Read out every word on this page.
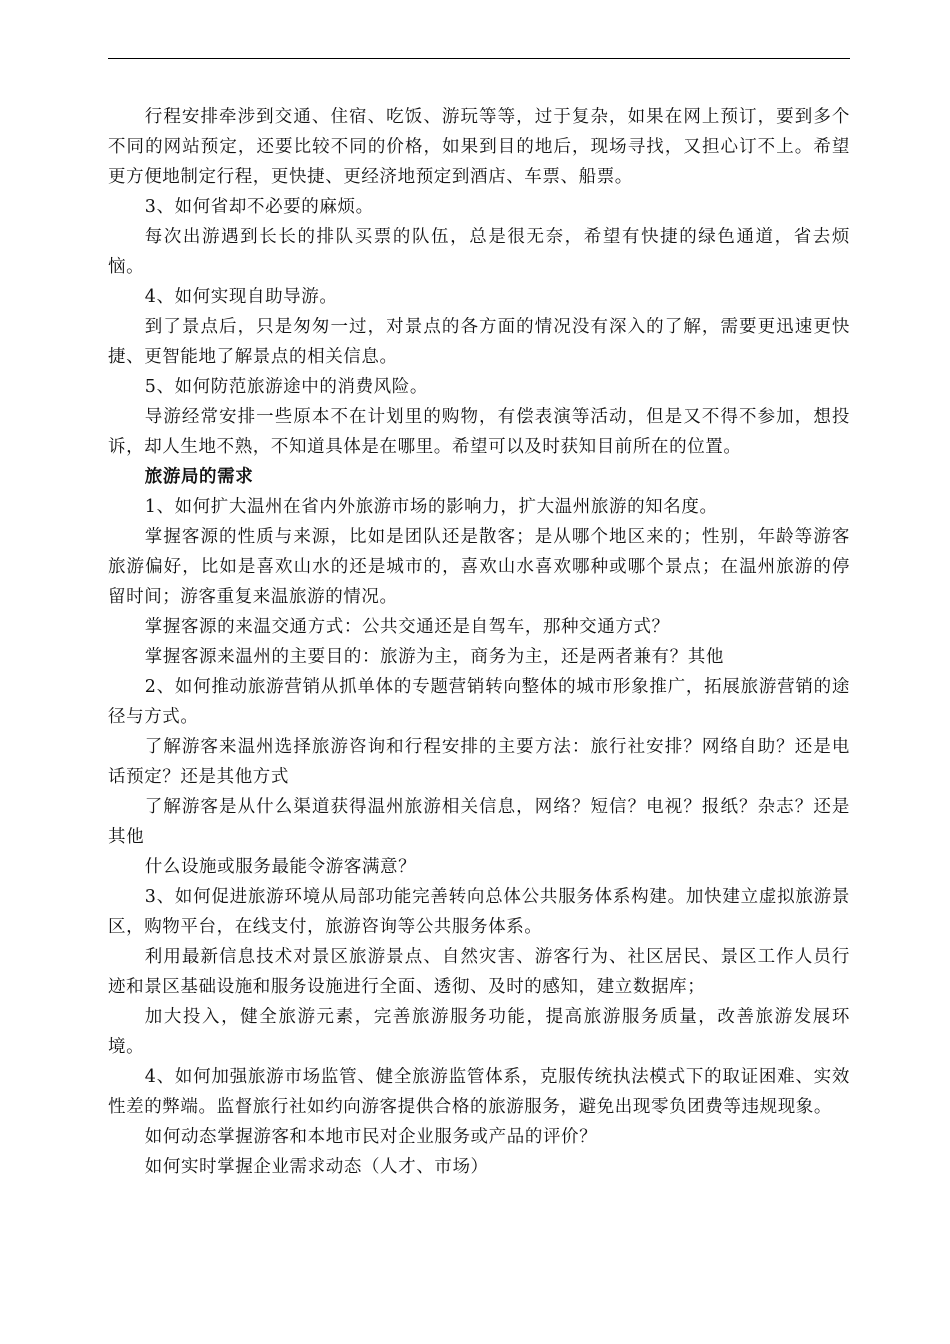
行程安排牵涉到交通、住宿、吃饭、游玩等等，过于复杂，如果在网上预订，要到多个不同的网站预定，还要比较不同的价格，如果到目的地后，现场寻找，又担心订不上。希望更方便地制定行程，更快捷、更经济地预定到酒店、车票、船票。

3、如何省却不必要的麻烦。

每次出游遇到长长的排队买票的队伍，总是很无奈，希望有快捷的绿色通道，省去烦恼。

4、如何实现自助导游。

到了景点后，只是匆匆一过，对景点的各方面的情况没有深入的了解，需要更迅速更快捷、更智能地了解景点的相关信息。

5、如何防范旅游途中的消费风险。

导游经常安排一些原本不在计划里的购物，有偿表演等活动，但是又不得不参加，想投诉，却人生地不熟，不知道具体是在哪里。希望可以及时获知目前所在的位置。

旅游局的需求

1、如何扩大温州在省内外旅游市场的影响力，扩大温州旅游的知名度。

掌握客源的性质与来源，比如是团队还是散客；是从哪个地区来的；性别，年龄等游客旅游偏好，比如是喜欢山水的还是城市的，喜欢山水喜欢哪种或哪个景点；在温州旅游的停留时间；游客重复来温旅游的情况。

掌握客源的来温交通方式：公共交通还是自驾车，那种交通方式？

掌握客源来温州的主要目的：旅游为主，商务为主，还是两者兼有？其他

2、如何推动旅游营销从抓单体的专题营销转向整体的城市形象推广，拓展旅游营销的途径与方式。

了解游客来温州选择旅游咨询和行程安排的主要方法：旅行社安排？网络自助？还是电话预定？还是其他方式

了解游客是从什么渠道获得温州旅游相关信息，网络？短信？电视？报纸？杂志？还是其他

什么设施或服务最能令游客满意？

3、如何促进旅游环境从局部功能完善转向总体公共服务体系构建。加快建立虚拟旅游景区，购物平台，在线支付，旅游咨询等公共服务体系。

利用最新信息技术对景区旅游景点、自然灾害、游客行为、社区居民、景区工作人员行迹和景区基础设施和服务设施进行全面、透彻、及时的感知，建立数据库；

加大投入，健全旅游元素，完善旅游服务功能，提高旅游服务质量，改善旅游发展环境。

4、如何加强旅游市场监管、健全旅游监管体系，克服传统执法模式下的取证困难、实效性差的弊端。监督旅行社如约向游客提供合格的旅游服务，避免出现零负团费等违规现象。

如何动态掌握游客和本地市民对企业服务或产品的评价？

如何实时掌握企业需求动态（人才、市场）
